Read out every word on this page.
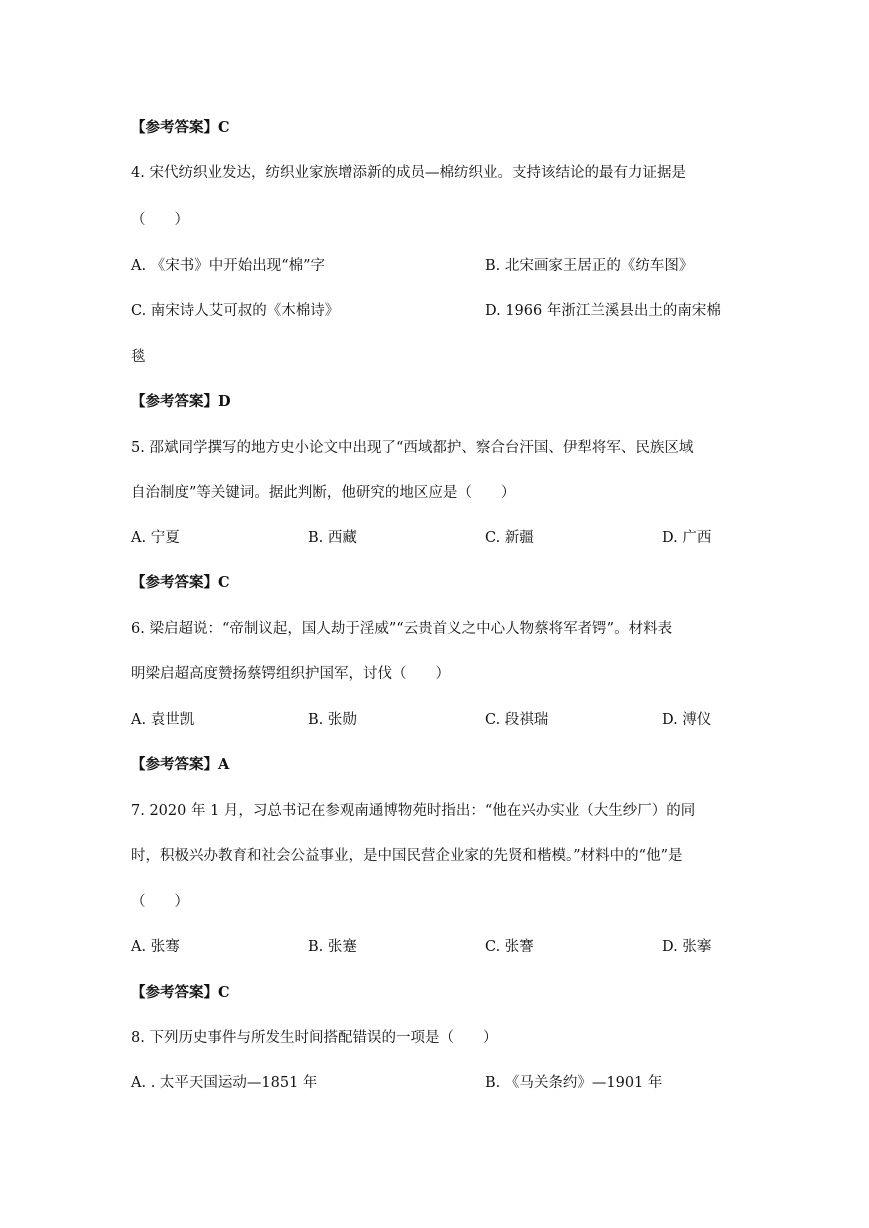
【参考答案】C
4. 宋代纺织业发达，纺织业家族增添新的成员—棉纺织业。支持该结论的最有力证据是
（　　）
A. 《宋书》中开始出现“棉”字	B. 北宋画家王居正的《纺车图》
C. 南宋诗人艾可叔的《木棉诗》	D. 1966 年浙江兰溪县出土的南宋棉
毯
【参考答案】D
5. 邵斌同学撰写的地方史小论文中出现了“西域都护、察合台汗国、伊犁将军、民族区域
自治制度”等关键词。据此判断，他研究的地区应是（　　）
A. 宁夏	B. 西藏	C. 新疆	D. 广西
【参考答案】C
6. 梁启超说：“帝制议起，国人劫于淫威”“云贵首义之中心人物蔡将军者锷”。材料表
明梁启超高度赞扬蔡锷组织护国军，讨伐（　　）
A. 袁世凯	B. 张勋	C. 段祺瑞	D. 溥仪
【参考答案】A
7. 2020 年 1 月，习总书记在参观南通博物苑时指出：“他在兴办实业（大生纱厂）的同
时，积极兴办教育和社会公益事业，是中国民营企业家的先贤和楷模。”材料中的“他”是
（　　）
A. 张骞	B. 张蹇	C. 张謇	D. 张搴
【参考答案】C
8. 下列历史事件与所发生时间搭配错误的一项是（　　）
A. . 太平天国运动—1851 年	B. 《马关条约》—1901 年
